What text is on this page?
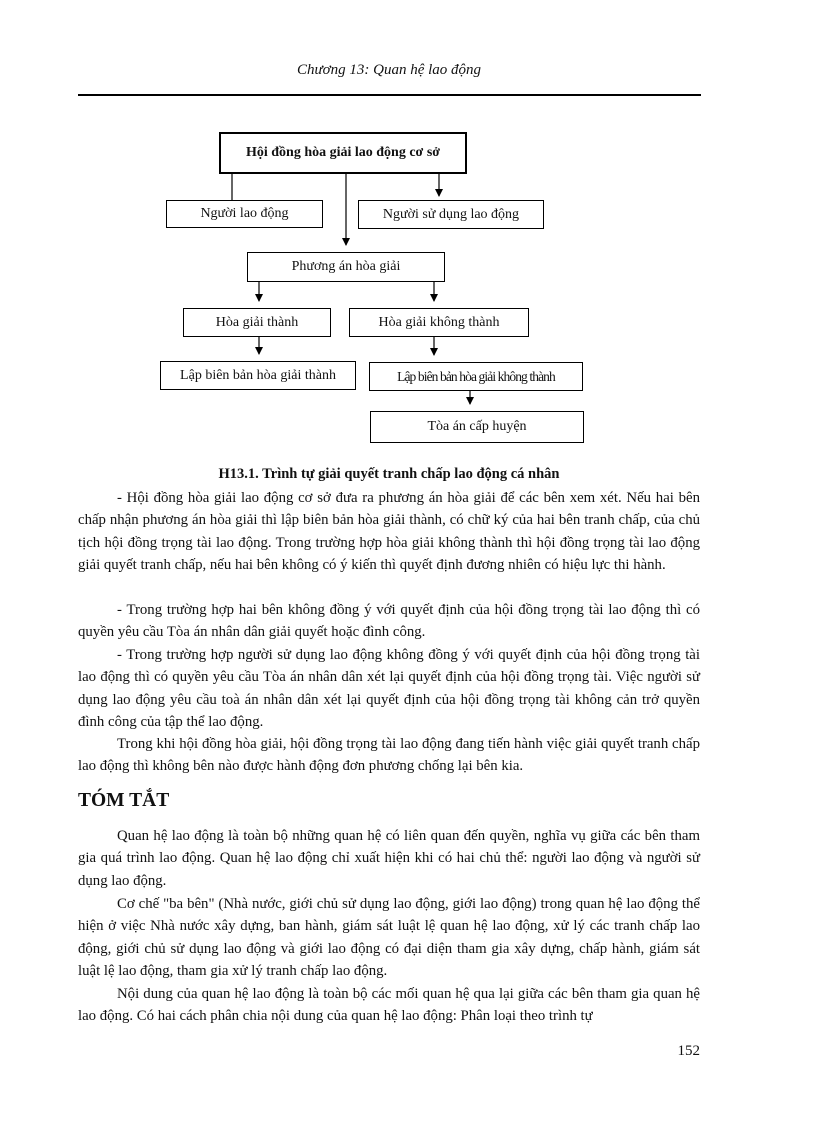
Chương 13: Quan hệ lao động
Hội đồng hòa giải lao động cơ sở
Người lao động	Người sử dụng lao động
Phương án hòa giải
Hòa giải thành	Hòa giải không thành
Lập biên bản hòa giải thành	Lập biên bản hòa giải không thành
Tòa án cấp huyện
H13.1. Trình tự giải quyết tranh chấp lao động cá nhân

- Hội đồng hòa giải lao động cơ sở đưa ra phương án hòa giải để các bên xem xét. Nếu hai bên chấp nhận phương án hòa giải thì lập biên bản hòa giải thành, có chữ ký của hai bên tranh chấp, của chủ tịch hội đồng trọng tài lao động. Trong trường hợp hòa giải không thành thì hội đồng trọng tài lao động giải quyết tranh chấp, nếu hai bên không có ý kiến thì quyết định đương nhiên có hiệu lực thi hành.

- Trong trường hợp hai bên không đồng ý với quyết định của hội đồng trọng tài lao động thì có quyền yêu cầu Tòa án nhân dân giải quyết hoặc đình công.

- Trong trường hợp người sử dụng lao động không đồng ý với quyết định của hội đồng trọng tài lao động thì có quyền yêu cầu Tòa án nhân dân xét lại quyết định của hội đồng trọng tài. Việc người sử dụng lao động yêu cầu toà án nhân dân xét lại quyết định của hội đồng trọng tài không cản trở quyền đình công của tập thể lao động.

Trong khi hội đồng hòa giải, hội đồng trọng tài lao động đang tiến hành việc giải quyết tranh chấp lao động thì không bên nào được hành động đơn phương chống lại bên kia.

TÓM TẮT

Quan hệ lao động là toàn bộ những quan hệ có liên quan đến quyền, nghĩa vụ giữa các bên tham gia quá trình lao động. Quan hệ lao động chỉ xuất hiện khi có hai chủ thể: người lao động và người sử dụng lao động.

Cơ chế "ba bên" (Nhà nước, giới chủ sử dụng lao động, giới lao động) trong quan hệ lao động thể hiện ở việc Nhà nước xây dựng, ban hành, giám sát luật lệ quan hệ lao động, xử lý các tranh chấp lao động, giới chủ sử dụng lao động và giới lao động có đại diện tham gia xây dựng, chấp hành, giám sát luật lệ lao động, tham gia xử lý tranh chấp lao động.

Nội dung của quan hệ lao động là toàn bộ các mối quan hệ qua lại giữa các bên tham gia quan hệ lao động. Có hai cách phân chia nội dung của quan hệ lao động: Phân loại theo trình tự

152
